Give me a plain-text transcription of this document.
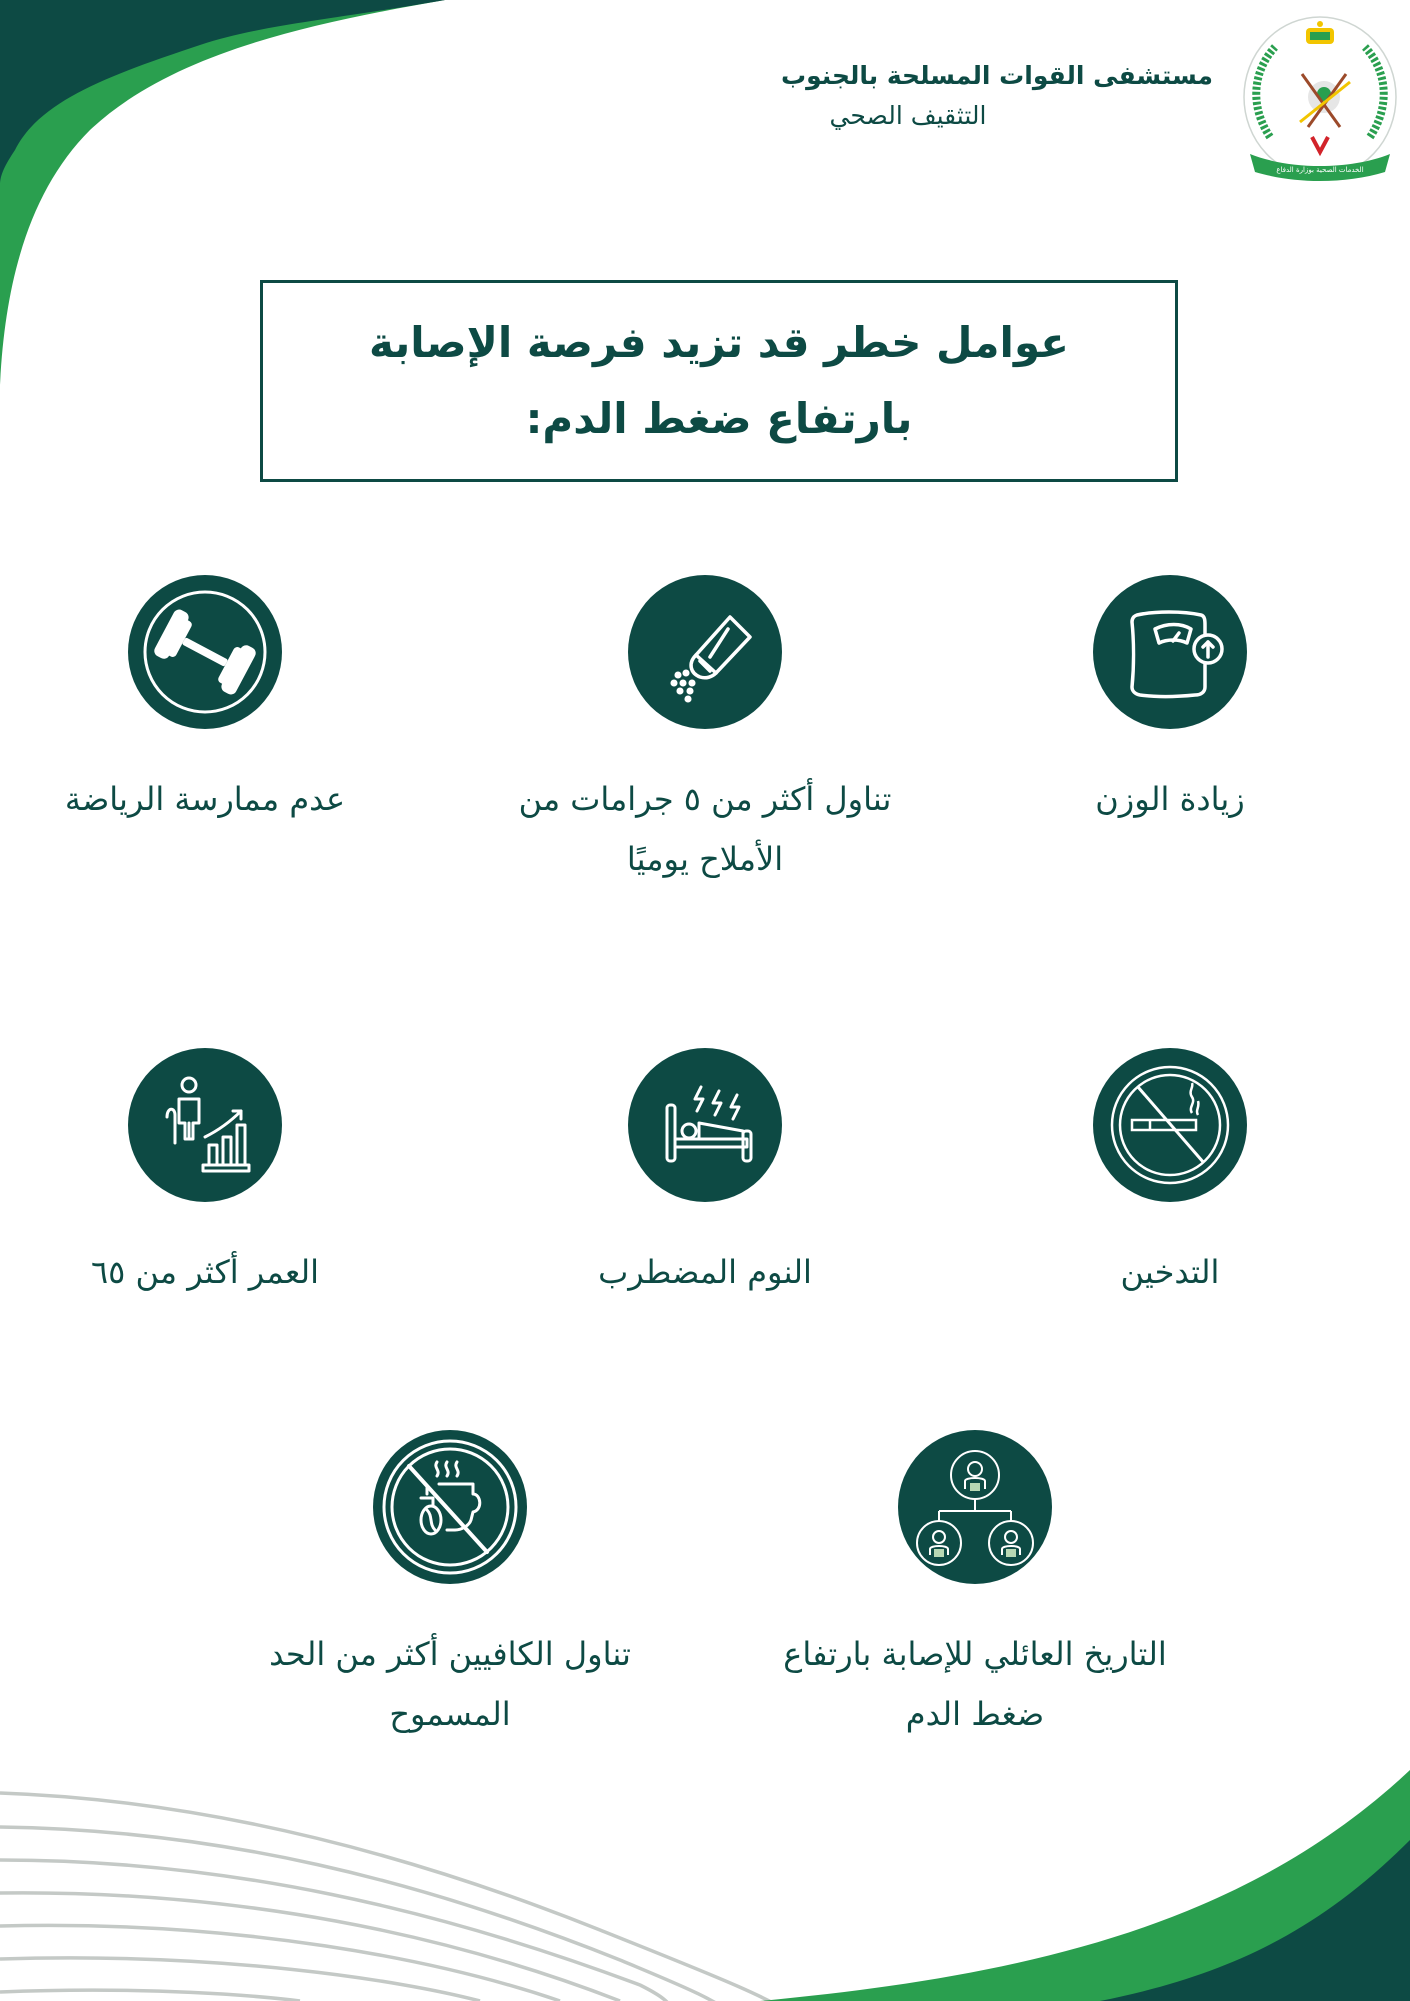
مستشفى القوات المسلحة بالجنوب
التثقيف الصحي
الخدمات الصحية بوزارة الدفاع
عوامل خطر قد تزيد فرصة الإصابة بارتفاع ضغط الدم:
زيادة الوزن
تناول أكثر من ٥ جرامات من الأملاح يوميًا
عدم ممارسة الرياضة
التدخين
النوم المضطرب
العمر أكثر من ٦٥
التاريخ العائلي للإصابة بارتفاع ضغط الدم
تناول الكافيين أكثر من الحد المسموح
